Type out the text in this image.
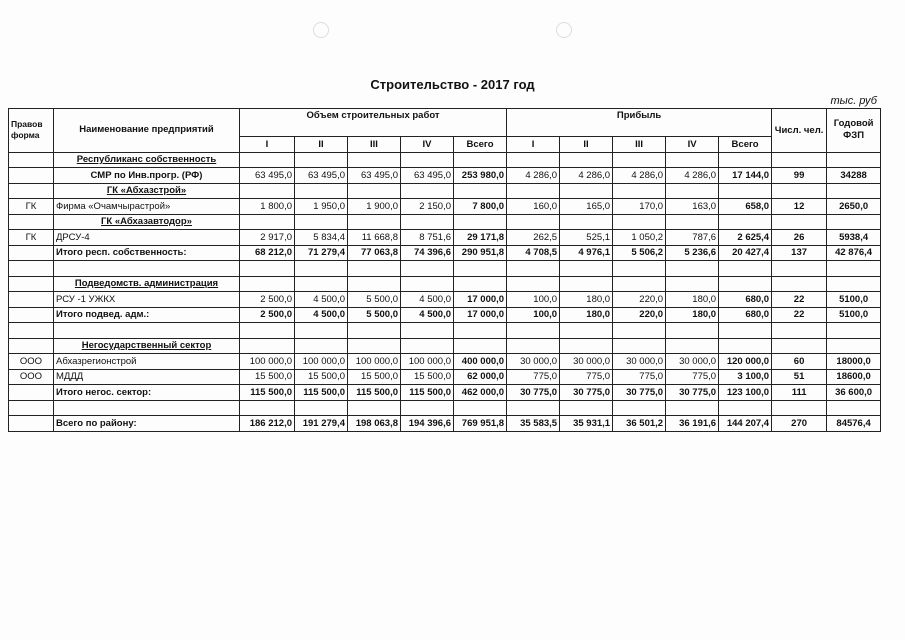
Строительство - 2017 год
тыс. руб
Правов форма	Наименование предприятий	Объем строительных работ					Прибыль					Числ. чел.	Годовой ФЗП
		I	II	III	IV	Всего	I	II	III	IV	Всего		
	Республиканс собственность												
	СМР по Инв.прогр. (РФ)	63 495,0	63 495,0	63 495,0	63 495,0	253 980,0	4 286,0	4 286,0	4 286,0	4 286,0	17 144,0	99	34288
	ГК «Абхазстрой»												
ГК	Фирма «Очамчырастрой»	1 800,0	1 950,0	1 900,0	2 150,0	7 800,0	160,0	165,0	170,0	163,0	658,0	12	2650,0
	ГК «Абхазавтодор»												
ГК	ДРСУ-4	2 917,0	5 834,4	11 668,8	8 751,6	29 171,8	262,5	525,1	1 050,2	787,6	2 625,4	26	5938,4
	Итого респ. собственность:	68 212,0	71 279,4	77 063,8	74 396,6	290 951,8	4 708,5	4 976,1	5 506,2	5 236,6	20 427,4	137	42 876,4

	Подведомств. администрация												
	РСУ -1 УЖКХ	2 500,0	4 500,0	5 500,0	4 500,0	17 000,0	100,0	180,0	220,0	180,0	680,0	22	5100,0
	Итого подвед. адм.:	2 500,0	4 500,0	5 500,0	4 500,0	17 000,0	100,0	180,0	220,0	180,0	680,0	22	5100,0

	Негосударственный сектор												
ООО	Абхазрегионстрой	100 000,0	100 000,0	100 000,0	100 000,0	400 000,0	30 000,0	30 000,0	30 000,0	30 000,0	120 000,0	60	18000,0
ООО	МДДД	15 500,0	15 500,0	15 500,0	15 500,0	62 000,0	775,0	775,0	775,0	775,0	3 100,0	51	18600,0
	Итого негос. сектор:	115 500,0	115 500,0	115 500,0	115 500,0	462 000,0	30 775,0	30 775,0	30 775,0	30 775,0	123 100,0	111	36 600,0

	Всего по району:	186 212,0	191 279,4	198 063,8	194 396,6	769 951,8	35 583,5	35 931,1	36 501,2	36 191,6	144 207,4	270	84576,4
